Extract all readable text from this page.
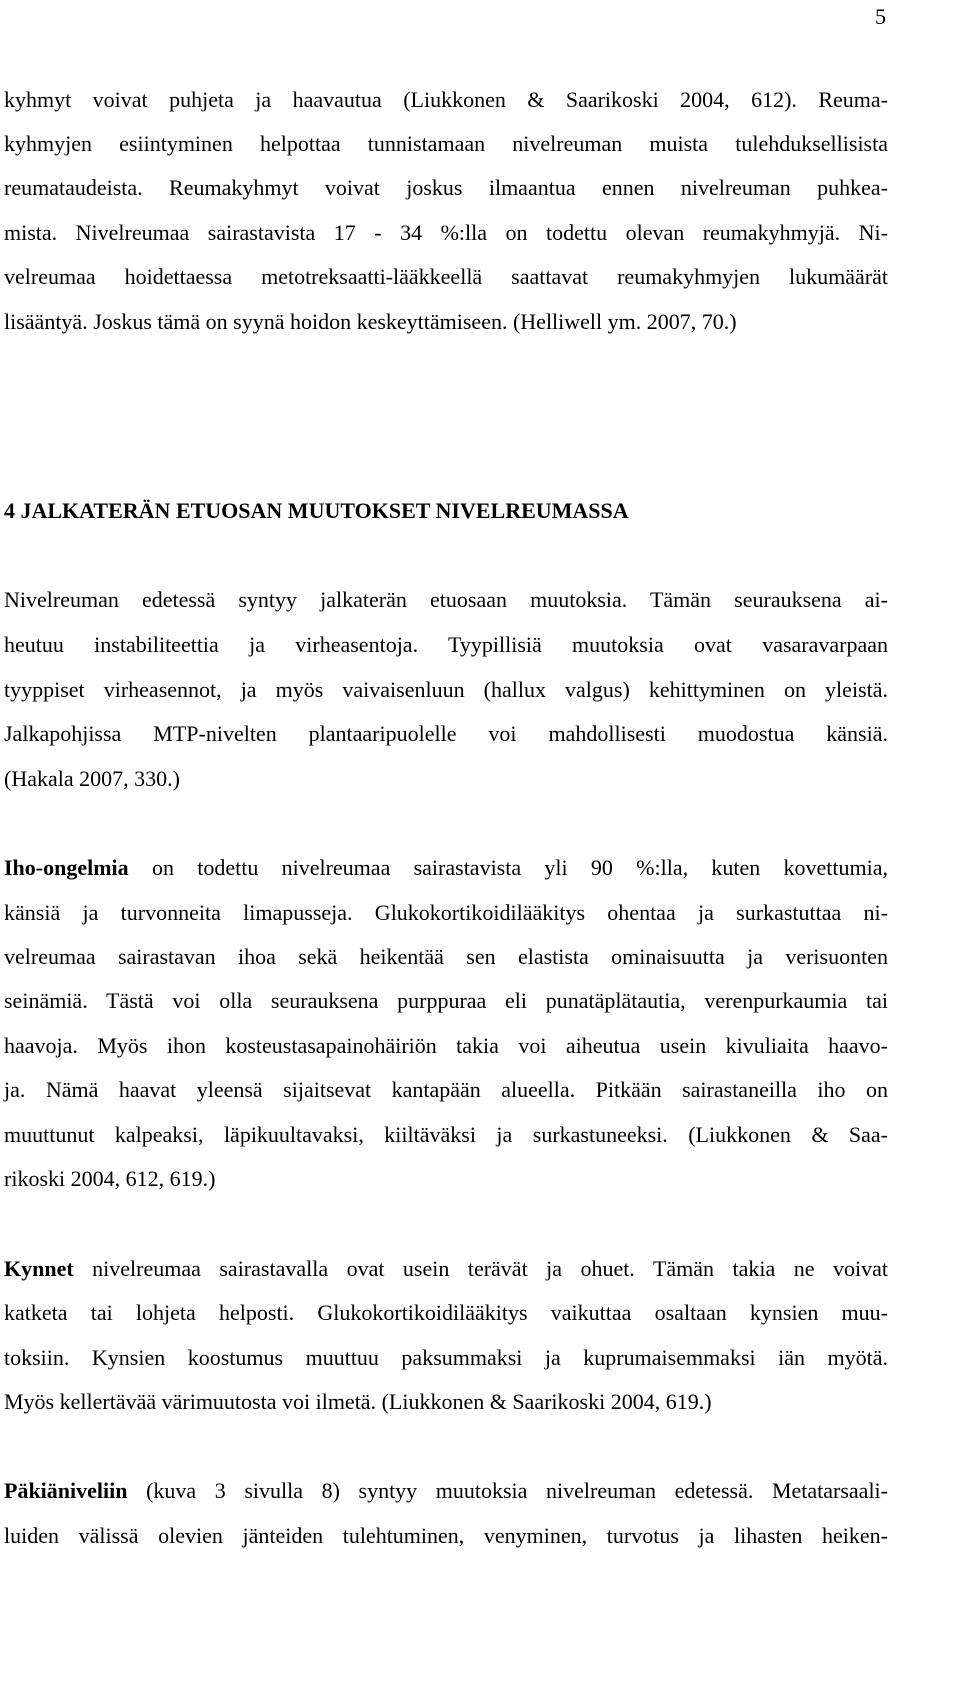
5
kyhmyt voivat puhjeta ja haavautua (Liukkonen & Saarikoski 2004, 612). Reuma-
kyhmyjen esiintyminen helpottaa tunnistamaan nivelreuman muista tulehduksellisista
reumataudeista. Reumakyhmyt voivat joskus ilmaantua ennen nivelreuman puhkea-
mista. Nivelreumaa sairastavista 17 - 34 %:lla on todettu olevan reumakyhmyjä. Ni-
velreumaa hoidettaessa metotreksaatti-lääkkeellä saattavat reumakyhmyjen lukumäärät
lisääntyä. Joskus tämä on syynä hoidon keskeyttämiseen. (Helliwell ym. 2007, 70.)
4 JALKATERÄN ETUOSAN MUUTOKSET NIVELREUMASSA
Nivelreuman edetessä syntyy jalkaterän etuosaan muutoksia. Tämän seurauksena ai-
heutuu instabiliteettia ja virheasentoja. Tyypillisiä muutoksia ovat vasaravarpaan
tyyppiset virheasennot, ja myös vaivaisenluun (hallux valgus) kehittyminen on yleistä.
Jalkapohjissa MTP-nivelten plantaaripuolelle voi mahdollisesti muodostua känsiä.
(Hakala 2007, 330.)
Iho-ongelmia on todettu nivelreumaa sairastavista yli 90 %:lla, kuten kovettumia,
känsiä ja turvonneita limapusseja. Glukokortikoidilääkitys ohentaa ja surkastuttaa ni-
velreumaa sairastavan ihoa sekä heikentää sen elastista ominaisuutta ja verisuonten
seinämiä. Tästä voi olla seurauksena purppuraa eli punatäplätautia, verenpurkaumia tai
haavoja. Myös ihon kosteustasapainohäiriön takia voi aiheutua usein kivuliaita haavo-
ja. Nämä haavat yleensä sijaitsevat kantapään alueella. Pitkään sairastaneilla iho on
muuttunut kalpeaksi, läpikuultavaksi, kiiltäväksi ja surkastuneeksi. (Liukkonen & Saa-
rikoski 2004, 612, 619.)
Kynnet nivelreumaa sairastavalla ovat usein terävät ja ohuet. Tämän takia ne voivat
katketa tai lohjeta helposti. Glukokortikoidilääkitys vaikuttaa osaltaan kynsien muu-
toksiin. Kynsien koostumus muuttuu paksummaksi ja kuprumaisemmaksi iän myötä.
Myös kellertävää värimuutosta voi ilmetä. (Liukkonen & Saarikoski 2004, 619.)
Päkiäniveliin (kuva 3 sivulla 8) syntyy muutoksia nivelreuman edetessä. Metatarsaali-
luiden välissä olevien jänteiden tulehtuminen, venyminen, turvotus ja lihasten heiken-
